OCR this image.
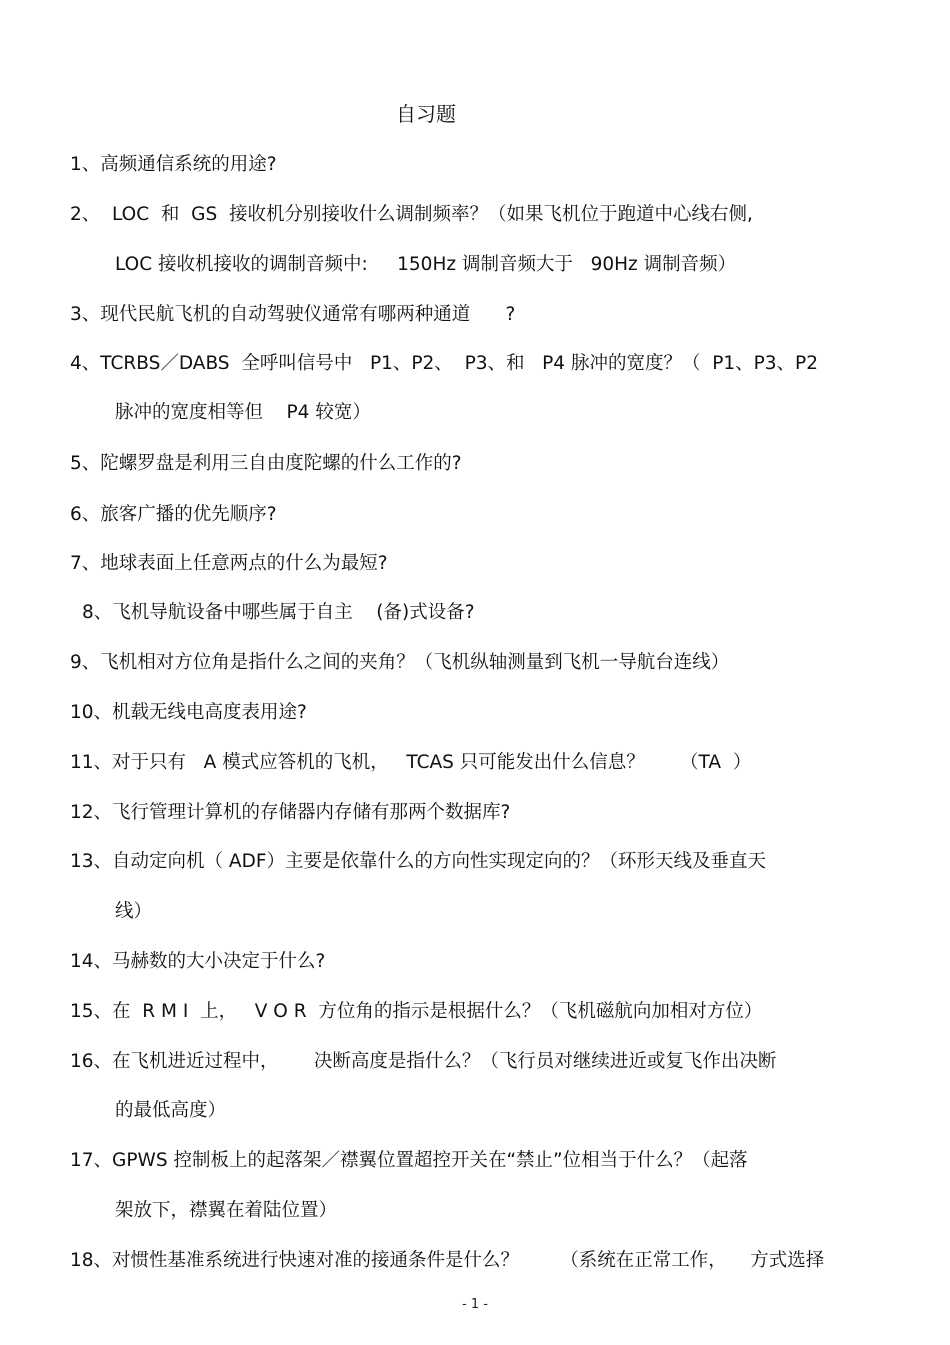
自习题
1、高频通信系统的用途?
2、  LOC  和  GS  接收机分别接收什么调制频率？（如果飞机位于跑道中心线右侧,
LOC 接收机接收的调制音频中:     150Hz 调制音频大于   90Hz 调制音频）
3、现代民航飞机的自动驾驶仪通常有哪两种通道      ?
4、TCRBS／DABS  全呼叫信号中   P1、P2、  P3、和   P4 脉冲的宽度？（  P1、P3、P2
脉冲的宽度相等但    P4 较宽）
5、陀螺罗盘是利用三自由度陀螺的什么工作的?
6、旅客广播的优先顺序?
7、地球表面上任意两点的什么为最短?
8、飞机导航设备中哪些属于自主    (备)式设备?
9、飞机相对方位角是指什么之间的夹角？（飞机纵轴测量到飞机一导航台连线）
10、机载无线电高度表用途?
11、对于只有   A 模式应答机的飞机，   TCAS 只可能发出什么信息？      （TA  ）
12、飞行管理计算机的存储器内存储有那两个数据库?
13、自动定向机（ ADF）主要是依靠什么的方向性实现定向的？（环形天线及垂直天
线）
14、马赫数的大小决定于什么?
15、在  R M I  上，   V O R  方位角的指示是根据什么？（飞机磁航向加相对方位）
16、在飞机进近过程中，      决断高度是指什么？（飞行员对继续进近或复飞作出决断
的最低高度）
17、GPWS 控制板上的起落架／襟翼位置超控开关在“禁止”位相当于什么？（起落
架放下，襟翼在着陆位置）
18、对惯性基准系统进行快速对准的接通条件是什么？       （系统在正常工作，    方式选择
- 1 -
